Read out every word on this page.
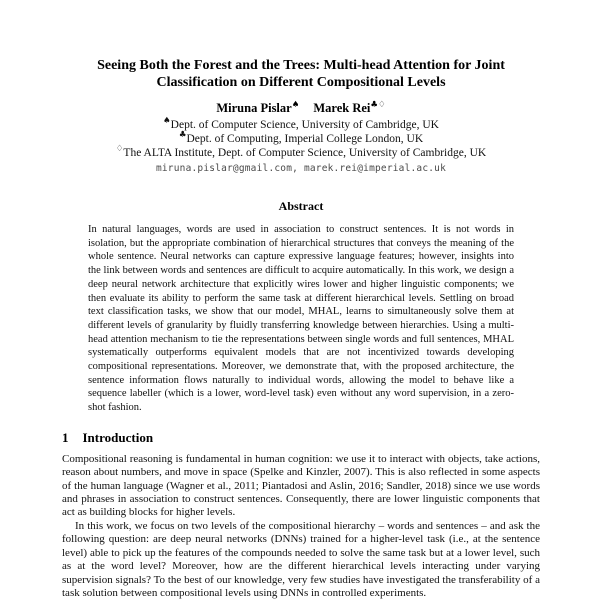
Seeing Both the Forest and the Trees: Multi-head Attention for Joint Classification on Different Compositional Levels
Miruna Pislar♠ Marek Rei♣♢
♠Dept. of Computer Science, University of Cambridge, UK
♣Dept. of Computing, Imperial College London, UK
♢The ALTA Institute, Dept. of Computer Science, University of Cambridge, UK
miruna.pislar@gmail.com, marek.rei@imperial.ac.uk
Abstract

In natural languages, words are used in association to construct sentences. It is not words in isolation, but the appropriate combination of hierarchical structures that conveys the meaning of the whole sentence. Neural networks can capture expressive language features; however, insights into the link between words and sentences are difficult to acquire automatically. In this work, we design a deep neural network architecture that explicitly wires lower and higher linguistic components; we then evaluate its ability to perform the same task at different hierarchical levels. Settling on broad text classification tasks, we show that our model, MHAL, learns to simultaneously solve them at different levels of granularity by fluidly transferring knowledge between hierarchies. Using a multi-head attention mechanism to tie the representations between single words and full sentences, MHAL systematically outperforms equivalent models that are not incentivized towards developing compositional representations. Moreover, we demonstrate that, with the proposed architecture, the sentence information flows naturally to individual words, allowing the model to behave like a sequence labeller (which is a lower, word-level task) even without any word supervision, in a zero-shot fashion.

1 Introduction

Compositional reasoning is fundamental in human cognition: we use it to interact with objects, take actions, reason about numbers, and move in space (Spelke and Kinzler, 2007). This is also reflected in some aspects of the human language (Wagner et al., 2011; Piantadosi and Aslin, 2016; Sandler, 2018) since we use words and phrases in association to construct sentences. Consequently, there are lower linguistic components that act as building blocks for higher levels.

In this work, we focus on two levels of the compositional hierarchy – words and sentences – and ask the following question: are deep neural networks (DNNs) trained for a higher-level task (i.e., at the sentence level) able to pick up the features of the compounds needed to solve the same task but at a lower level, such as at the word level? Moreover, how are the different hierarchical levels interacting under varying supervision signals? To the best of our knowledge, very few studies have investigated the transferability of a task solution between compositional levels using DNNs in controlled experiments.
